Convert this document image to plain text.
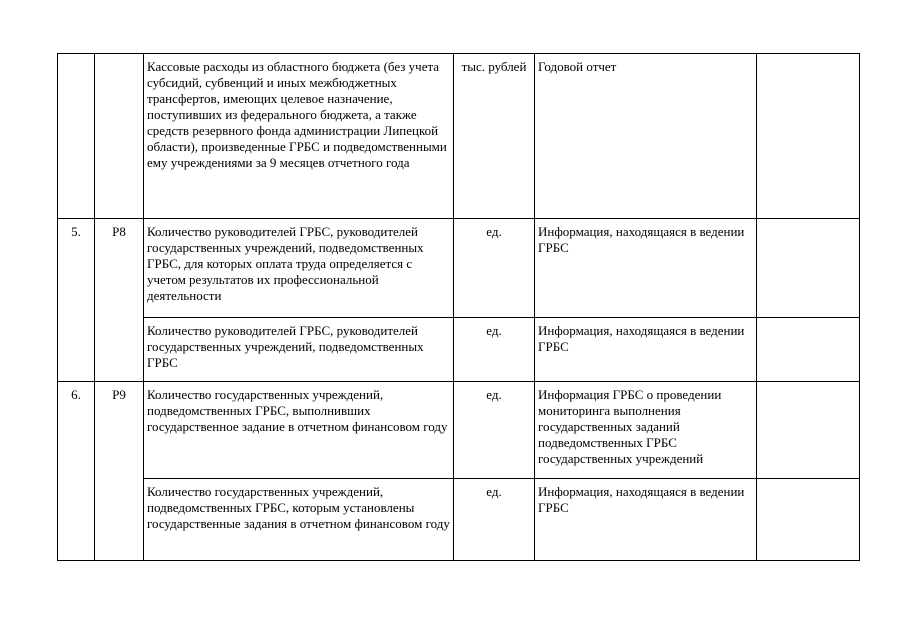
		Кассовые расходы из областного бюджета (без учета субсидий, субвенций и иных межбюджетных трансфертов, имеющих целевое назначение, поступивших из федерального бюджета, а также средств резервного фонда администрации Липецкой области), произведенные ГРБС и подведомственными ему учреждениями за 9 месяцев отчетного года	тыс. рублей	Годовой отчет	

5.	Р8	Количество руководителей ГРБС, руководителей государственных учреждений, подведомственных ГРБС, для которых оплата труда определяется с учетом результатов их профессиональной деятельности	ед.	Информация, находящаяся в ведении ГРБС	

		Количество руководителей ГРБС, руководителей государственных учреждений, подведомственных ГРБС	ед.	Информация, находящаяся в ведении ГРБС	

6.	Р9	Количество государственных учреждений, подведомственных ГРБС, выполнивших государственное задание в отчетном финансовом году	ед.	Информация ГРБС о проведении мониторинга выполнения государственных заданий подведомственных ГРБС государственных учреждений	

		Количество государственных учреждений, подведомственных ГРБС, которым установлены государственные задания в отчетном финансовом году	ед.	Информация, находящаяся в ведении ГРБС	
